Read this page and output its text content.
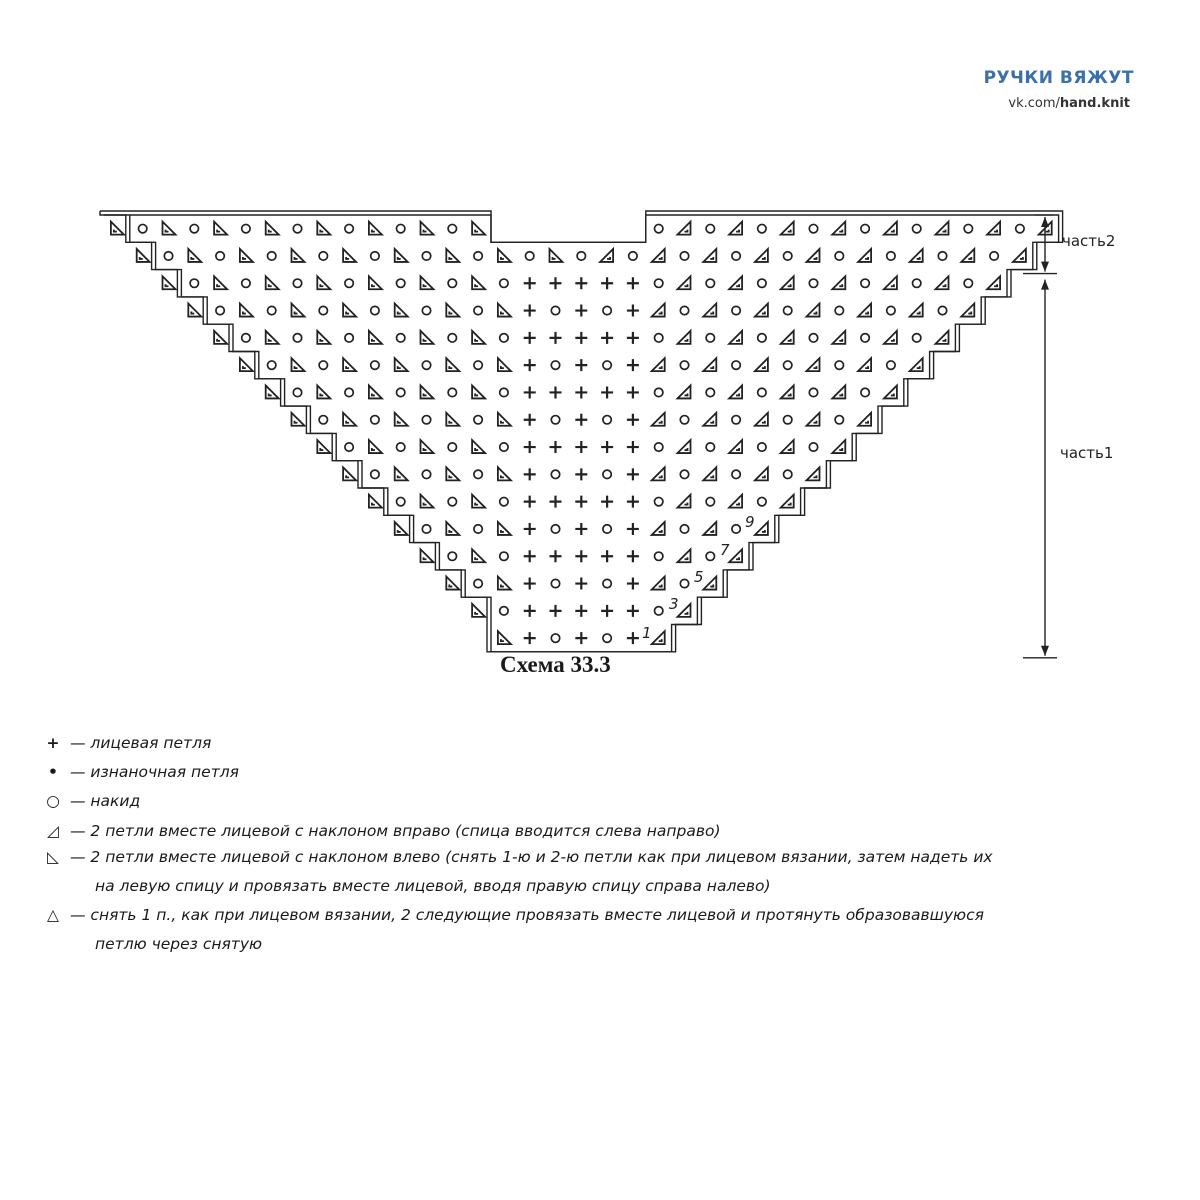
РУЧКИ ВЯЖУТ
vk.com/hand.knit
часть2
часть1
1
3
5
7
9
Схема 33.3
+ — лицевая петля
• — изнаночная петля
○ — накид
◿ — 2 петли вместе лицевой с наклоном вправо (спица вводится слева направо)
◺ — 2 петли вместе лицевой с наклоном влево (снять 1-ю и 2-ю петли как при лицевом вязании, затем надеть их
на левую спицу и провязать вместе лицевой, вводя правую спицу справа налево)
△ — снять 1 п., как при лицевом вязании, 2 следующие провязать вместе лицевой и протянуть образовавшуюся
петлю через снятую
